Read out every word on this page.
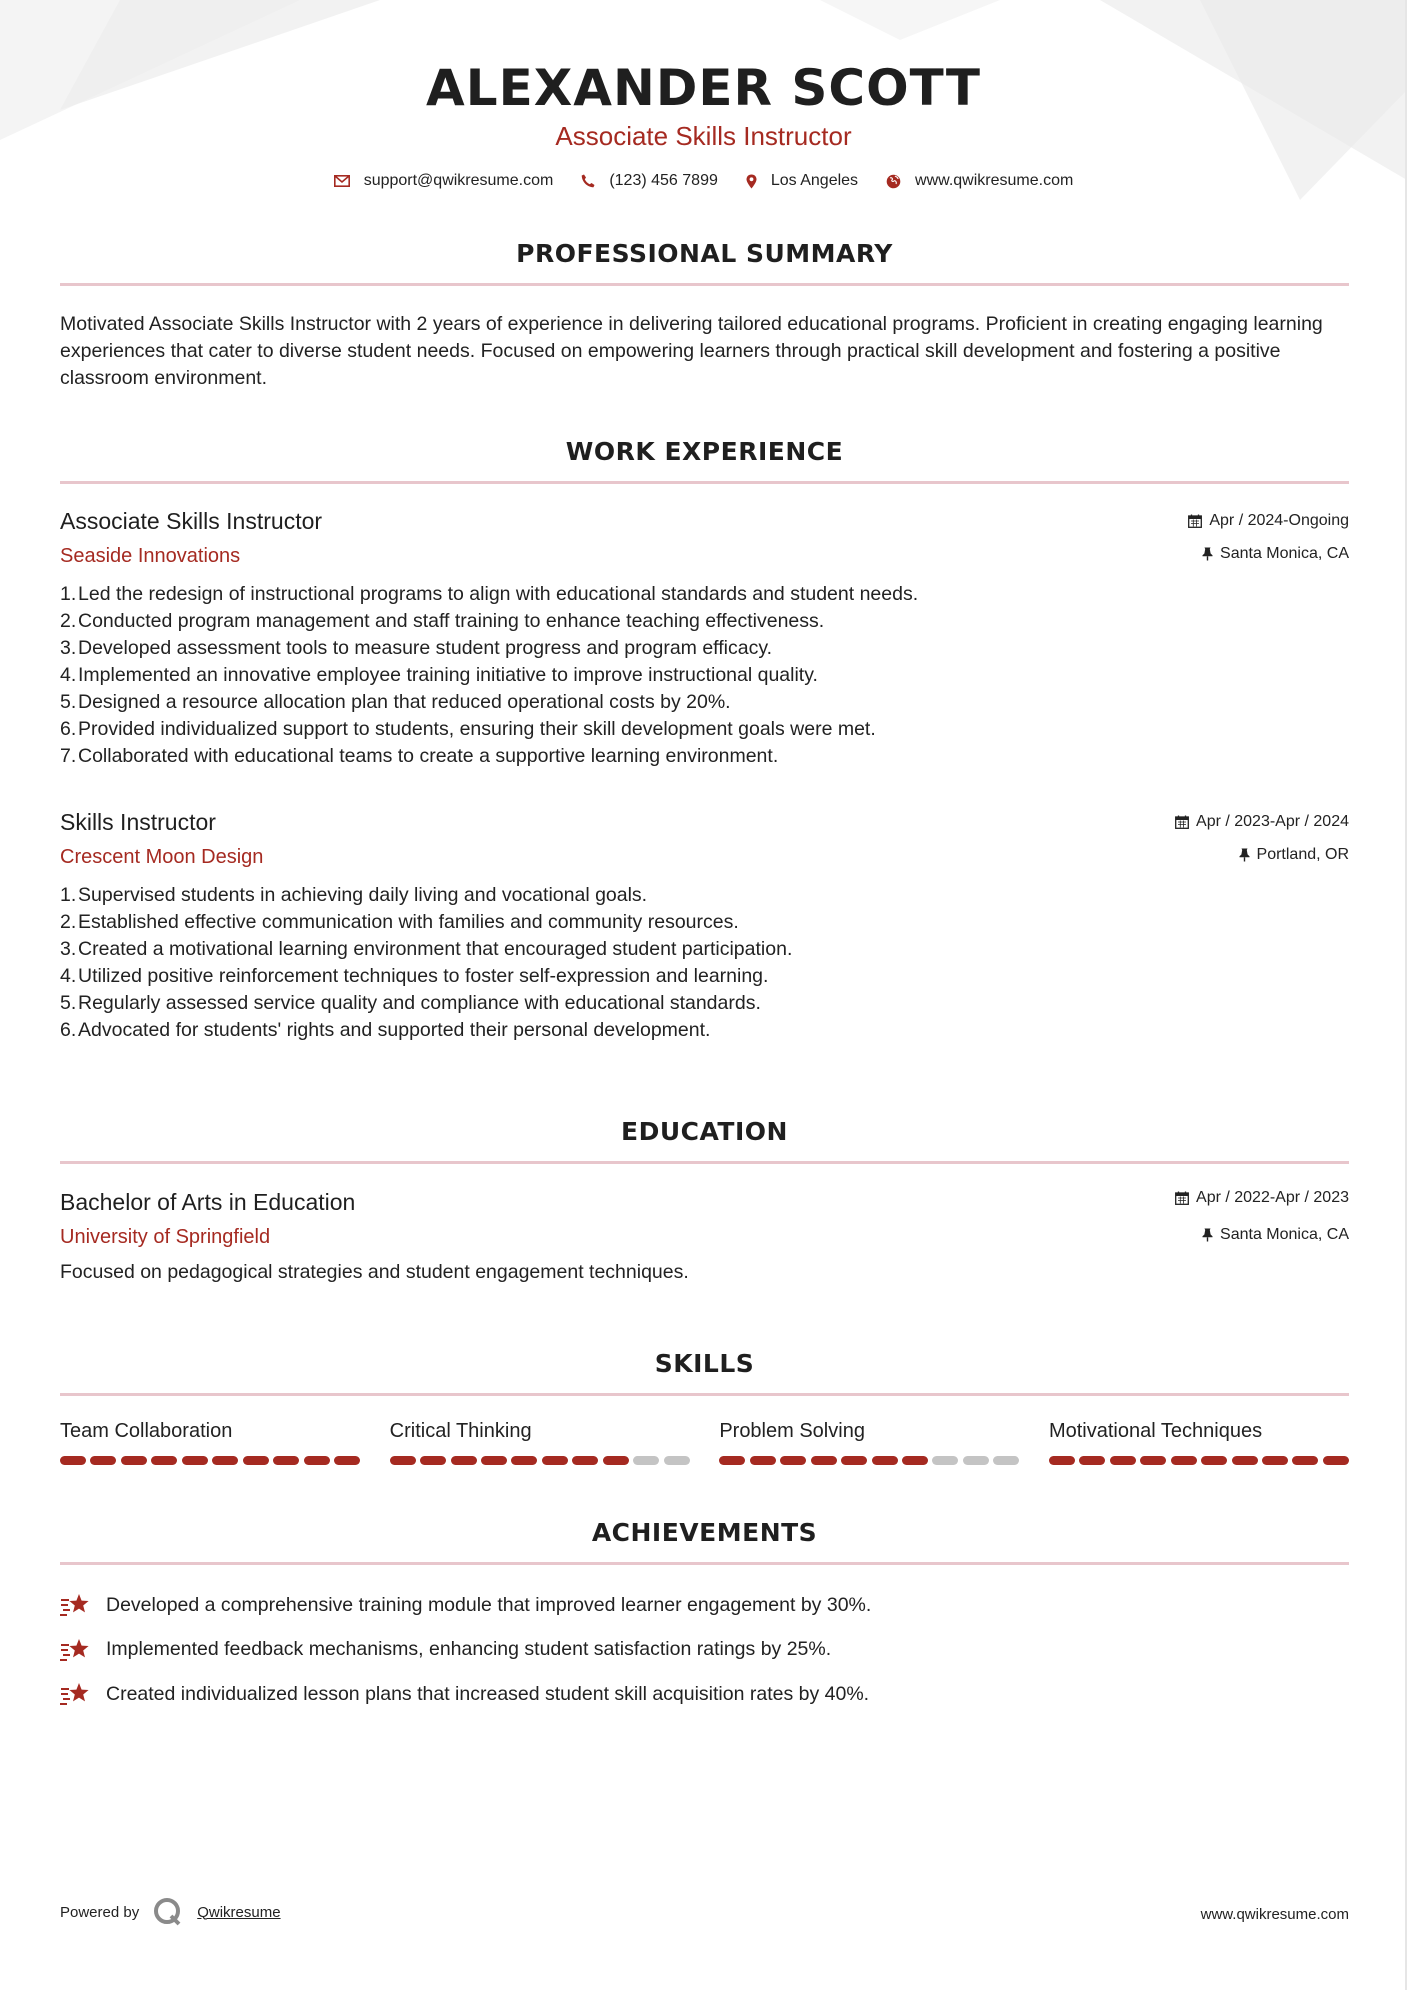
ALEXANDER SCOTT
Associate Skills Instructor
support@qwikresume.com	(123) 456 7899	Los Angeles	www.qwikresume.com
PROFESSIONAL SUMMARY
Motivated Associate Skills Instructor with 2 years of experience in delivering tailored educational programs. Proficient in creating engaging learning experiences that cater to diverse student needs. Focused on empowering learners through practical skill development and fostering a positive classroom environment.
WORK EXPERIENCE
Associate Skills Instructor
Seaside Innovations
Apr / 2024-Ongoing
Santa Monica, CA
1. Led the redesign of instructional programs to align with educational standards and student needs.
2. Conducted program management and staff training to enhance teaching effectiveness.
3. Developed assessment tools to measure student progress and program efficacy.
4. Implemented an innovative employee training initiative to improve instructional quality.
5. Designed a resource allocation plan that reduced operational costs by 20%.
6. Provided individualized support to students, ensuring their skill development goals were met.
7. Collaborated with educational teams to create a supportive learning environment.
Skills Instructor
Crescent Moon Design
Apr / 2023-Apr / 2024
Portland, OR
1. Supervised students in achieving daily living and vocational goals.
2. Established effective communication with families and community resources.
3. Created a motivational learning environment that encouraged student participation.
4. Utilized positive reinforcement techniques to foster self-expression and learning.
5. Regularly assessed service quality and compliance with educational standards.
6. Advocated for students' rights and supported their personal development.
EDUCATION
Bachelor of Arts in Education
University of Springfield
Apr / 2022-Apr / 2023
Santa Monica, CA
Focused on pedagogical strategies and student engagement techniques.
SKILLS
Team Collaboration	Critical Thinking	Problem Solving	Motivational Techniques
ACHIEVEMENTS
Developed a comprehensive training module that improved learner engagement by 30%.
Implemented feedback mechanisms, enhancing student satisfaction ratings by 25%.
Created individualized lesson plans that increased student skill acquisition rates by 40%.
Powered by	Qwikresume	www.qwikresume.com
